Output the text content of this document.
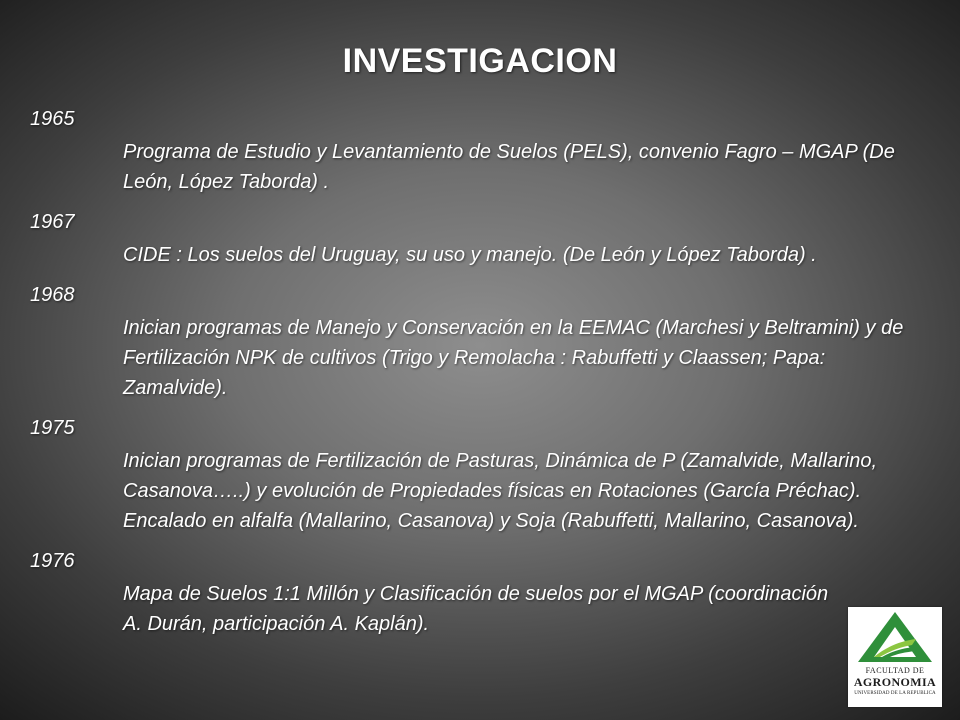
INVESTIGACION

1965

Programa de Estudio y Levantamiento de Suelos (PELS), convenio Fagro – MGAP (De León, López Taborda) .

1967

CIDE : Los suelos del Uruguay, su uso y manejo. (De León y López Taborda) .

1968

Inician programas de Manejo y Conservación en la EEMAC (Marchesi y Beltramini) y de Fertilización NPK de cultivos (Trigo y Remolacha : Rabuffetti y Claassen; Papa: Zamalvide).

1975

Inician programas de Fertilización de Pasturas, Dinámica de P (Zamalvide, Mallarino, Casanova…..) y evolución de Propiedades físicas en Rotaciones (García Préchac). Encalado en alfalfa (Mallarino, Casanova) y Soja (Rabuffetti, Mallarino, Casanova).

1976

Mapa de Suelos 1:1 Millón y Clasificación de suelos por el MGAP (coordinación A. Durán, participación A. Kaplán).

FACULTAD DE
AGRONOMIA
UNIVERSIDAD DE LA REPUBLICA
